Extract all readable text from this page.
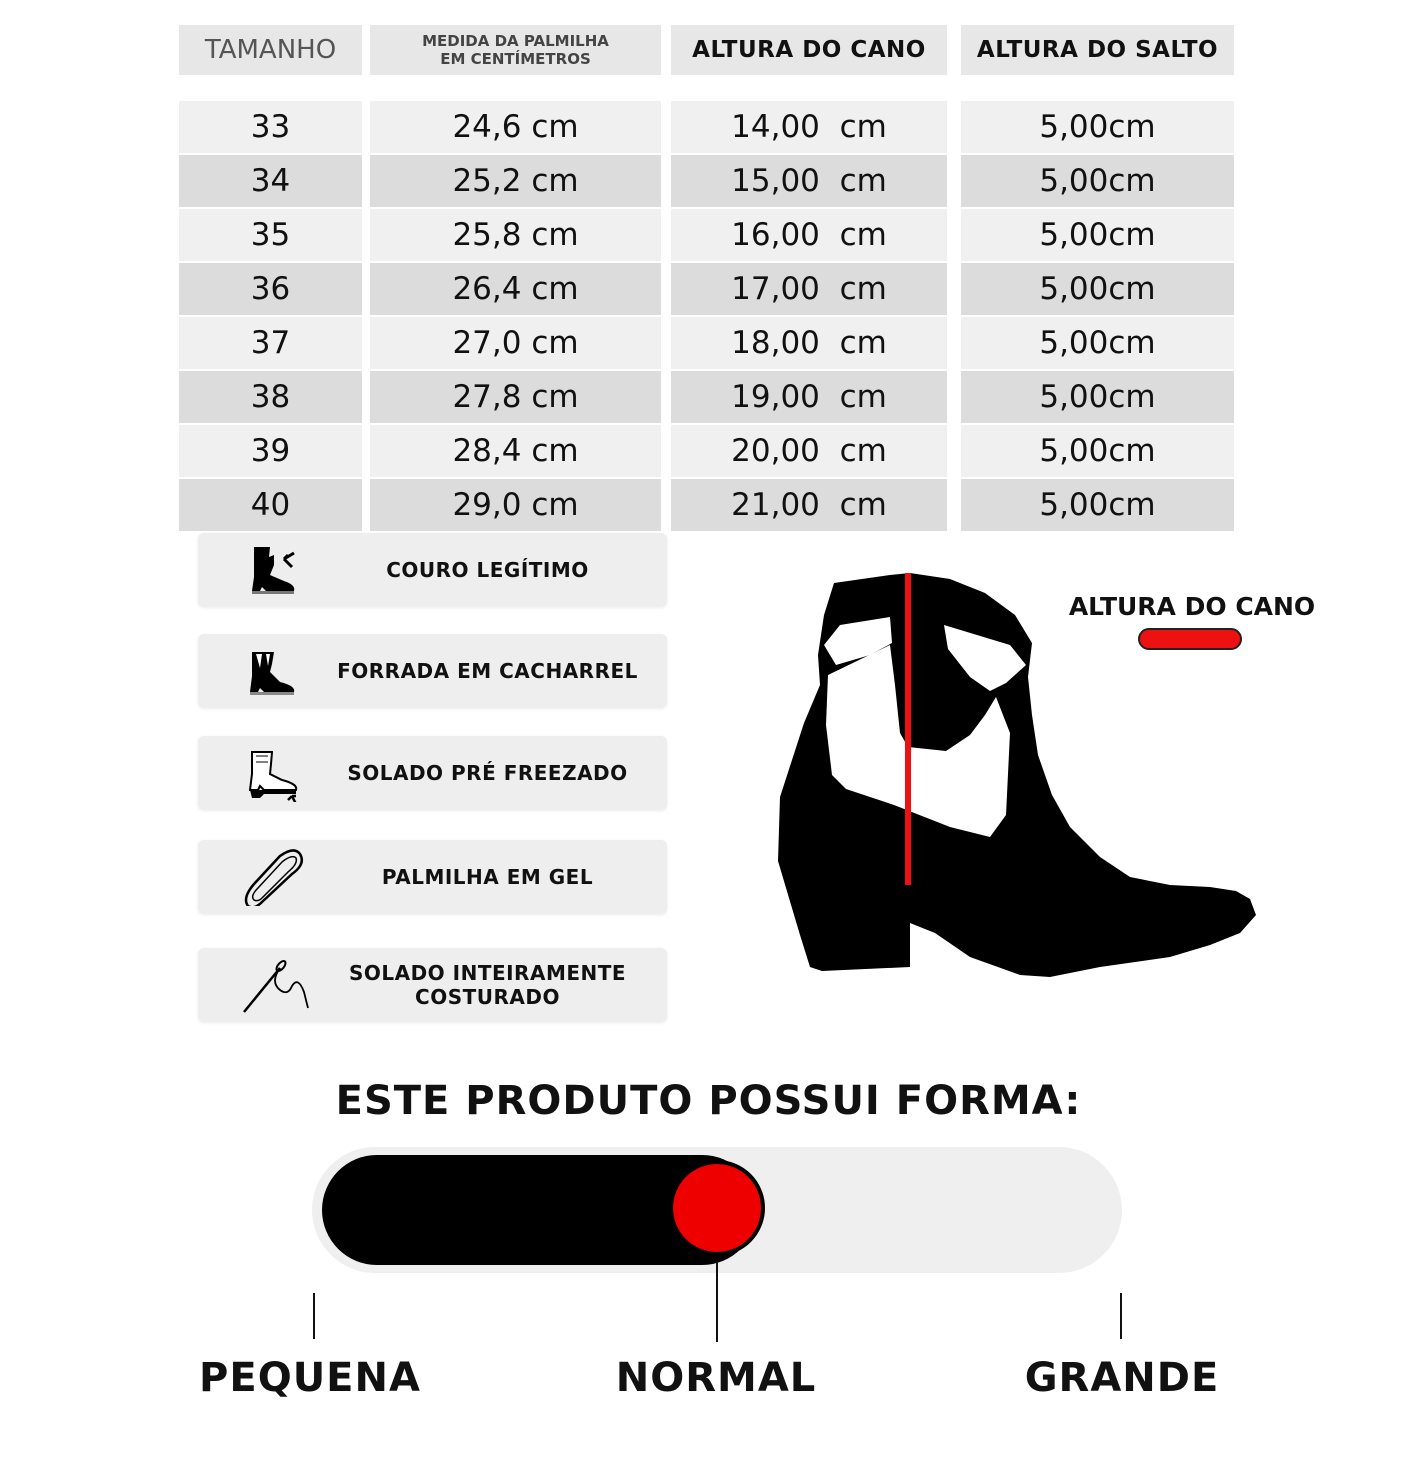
TAMANHO
33
34
35
36
37
38
39
40
MEDIDA DA PALMILHA
EM CENTÍMETROS
24,6 cm
25,2 cm
25,8 cm
26,4 cm
27,0 cm
27,8 cm
28,4 cm
29,0 cm
ALTURA DO CANO
14,00  cm
15,00  cm
16,00  cm
17,00  cm
18,00  cm
19,00  cm
20,00  cm
21,00  cm
ALTURA DO SALTO
5,00cm
5,00cm
5,00cm
5,00cm
5,00cm
5,00cm
5,00cm
5,00cm
COURO LEGÍTIMO
FORRADA EM CACHARREL
SOLADO PRÉ FREEZADO
PALMILHA EM GEL
SOLADO INTEIRAMENTE
COSTURADO
ALTURA DO CANO
ESTE PRODUTO POSSUI FORMA:
PEQUENA	NORMAL	GRANDE
